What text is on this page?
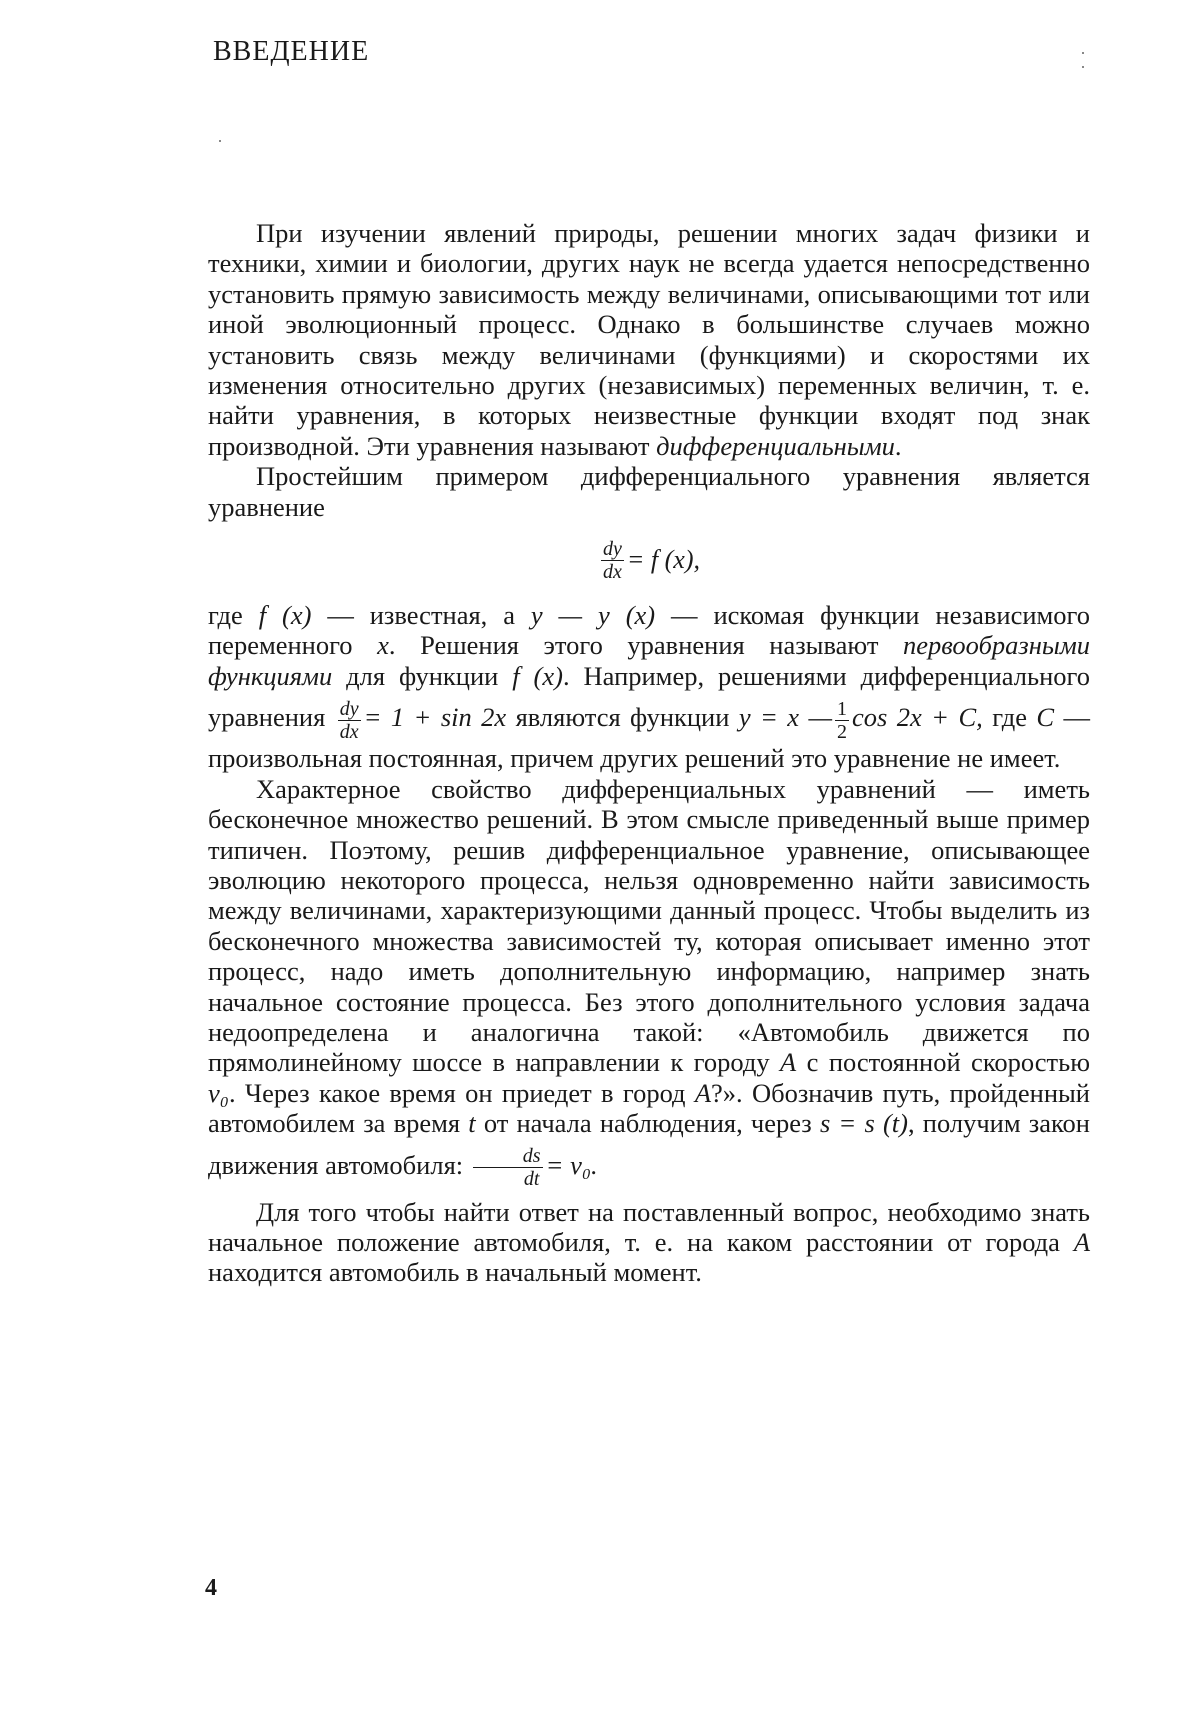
ВВЕДЕНИЕ

При изучении явлений природы, решении многих задач физики и техники, химии и биологии, других наук не всегда удается непосредственно установить прямую зависимость между величинами, описывающими тот или иной эволюционный процесс. Однако в большинстве случаев можно установить связь между величинами (функциями) и скоростями их изменения относительно других (независимых) переменных величин, т. е. найти уравнения, в которых неизвестные функции входят под знак производной. Эти уравнения называют дифференциальными.

Простейшим примером дифференциального уравнения является уравнение

$\frac{dy}{dx} = f$ (x),

где f (x) — известная, а y — y (x) — искомая функции независимого переменного x. Решения этого уравнения называют первообразными функциями для функции f (x). Например, решениями дифференциального уравнения $\frac{dy}{dx} = 1 + \sin 2x$ являются функции y = x — $\frac{1}{2}$ cos 2x + C, где C — произвольная постоянная, причем других решений это уравнение не имеет.

Характерное свойство дифференциальных уравнений — иметь бесконечное множество решений. В этом смысле приведенный выше пример типичен. Поэтому, решив дифференциальное уравнение, описывающее эволюцию некоторого процесса, нельзя одновременно найти зависимость между величинами, характеризующими данный процесс. Чтобы выделить из бесконечного множества зависимостей ту, которая описывает именно этот процесс, надо иметь дополнительную информацию, например знать начальное состояние процесса. Без этого дополнительного условия задача недоопределена и аналогична такой: «Автомобиль движется по прямолинейному шоссе в направлении к городу A с постоянной скоростью v₀. Через какое время он приедет в город A?». Обозначив путь, пройденный автомобилем за время t от начала наблюдения, через s = s (t), получим закон движения автомобиля: $\frac{ds}{dt} = v_0$.

Для того чтобы найти ответ на поставленный вопрос, необходимо знать начальное положение автомобиля, т. е. на каком расстоянии от города A находится автомобиль в начальный момент.

4
